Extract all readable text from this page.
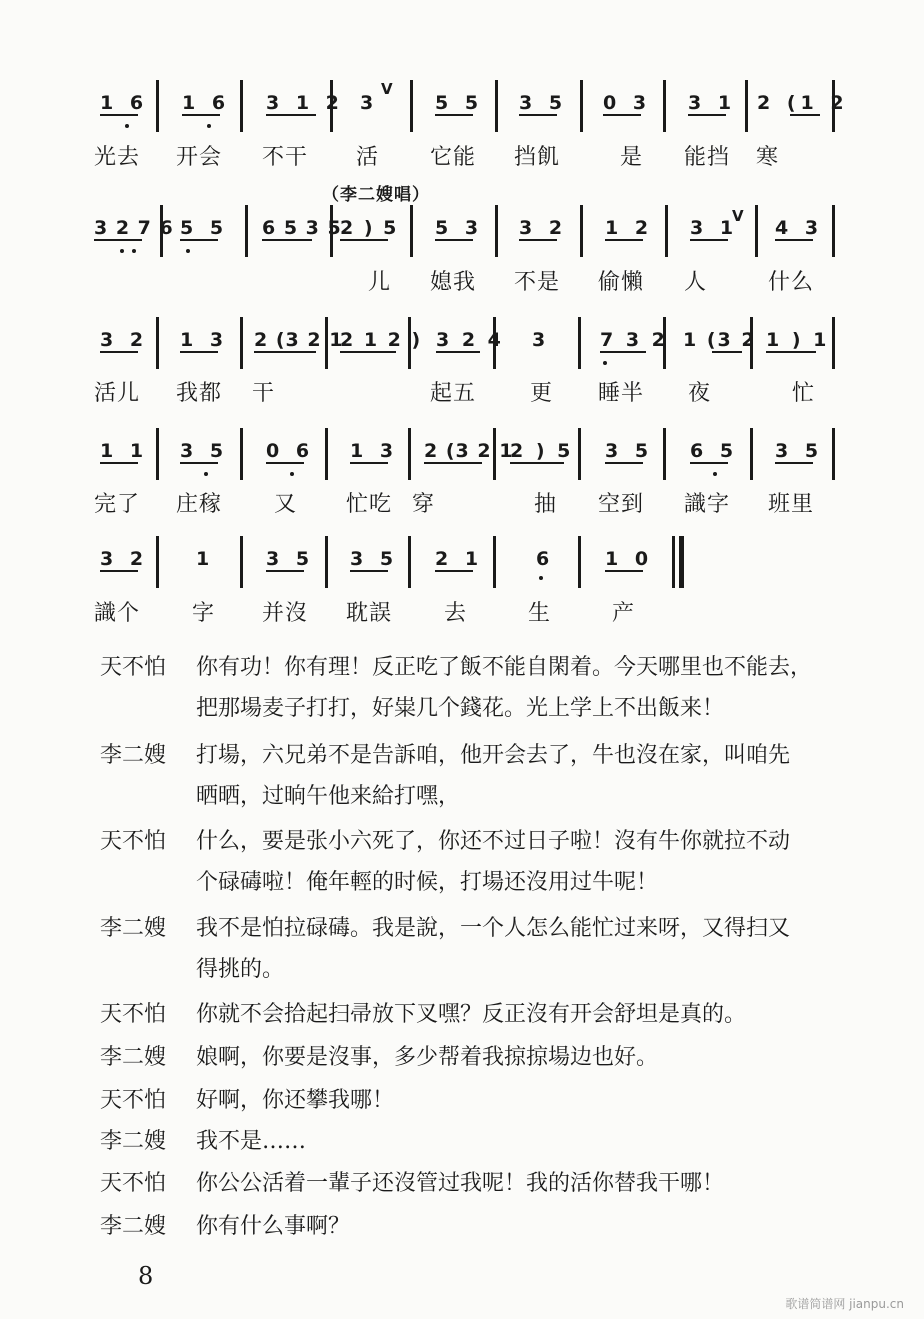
1 6 1 6 3 1 2 3
V
5 5 3 5 0 3 3 1 2 (1 2
光去 开会 不干 活 它能 挡飢	是 能挡 寒
（李二嫂唱）
3 2 7 6 5 5 6 5 3 5
2 ) 5 5 3 3 2 1 2 3 1
V
4 3
儿 媳我 不是 偷懶 人	什么
3 2 1 3 2 (3 2 1
2 1 2 ) 3 2 4 3	7 3 2 1 (3 2 1 ) 1
活儿 我都 干	起五 更 睡半 夜	忙
1 1 3 5 0 6 1 3 2 (3 2 1
2 ) 5 3 5 6 5 3 5
完了 庄稼 又 忙吃 穿	抽 空到 識字 班里
3 2	1	3 5 3 5 2 1	6	1 0
識个 字 并沒 耽誤 去	生	产
天不怕 你有功！你有理！反正吃了飯不能自閑着。今天哪里也不能去，
把那場麦子打打，好粜几个錢花。光上学上不出飯来！
李二嫂 打場，六兄弟不是告訴咱，他开会去了，牛也沒在家，叫咱先
晒晒，过晌午他来給打嘿，
天不怕 什么，要是张小六死了，你还不过日子啦！沒有牛你就拉不动
个碌碡啦！俺年輕的时候，打場还沒用过牛呢！
李二嫂 我不是怕拉碌碡。我是說，一个人怎么能忙过来呀，又得扫又
得挑的。
天不怕 你就不会拾起扫帚放下叉嘿？反正沒有开会舒坦是真的。
李二嫂 娘啊，你要是沒事，多少帮着我掠掠場边也好。
天不怕 好啊，你还攀我哪！
李二嫂 我不是……
天不怕 你公公活着一輩子还沒管过我呢！我的活你替我干哪！
李二嫂 你有什么事啊？
8
歌谱简谱网 jianpu.cn
